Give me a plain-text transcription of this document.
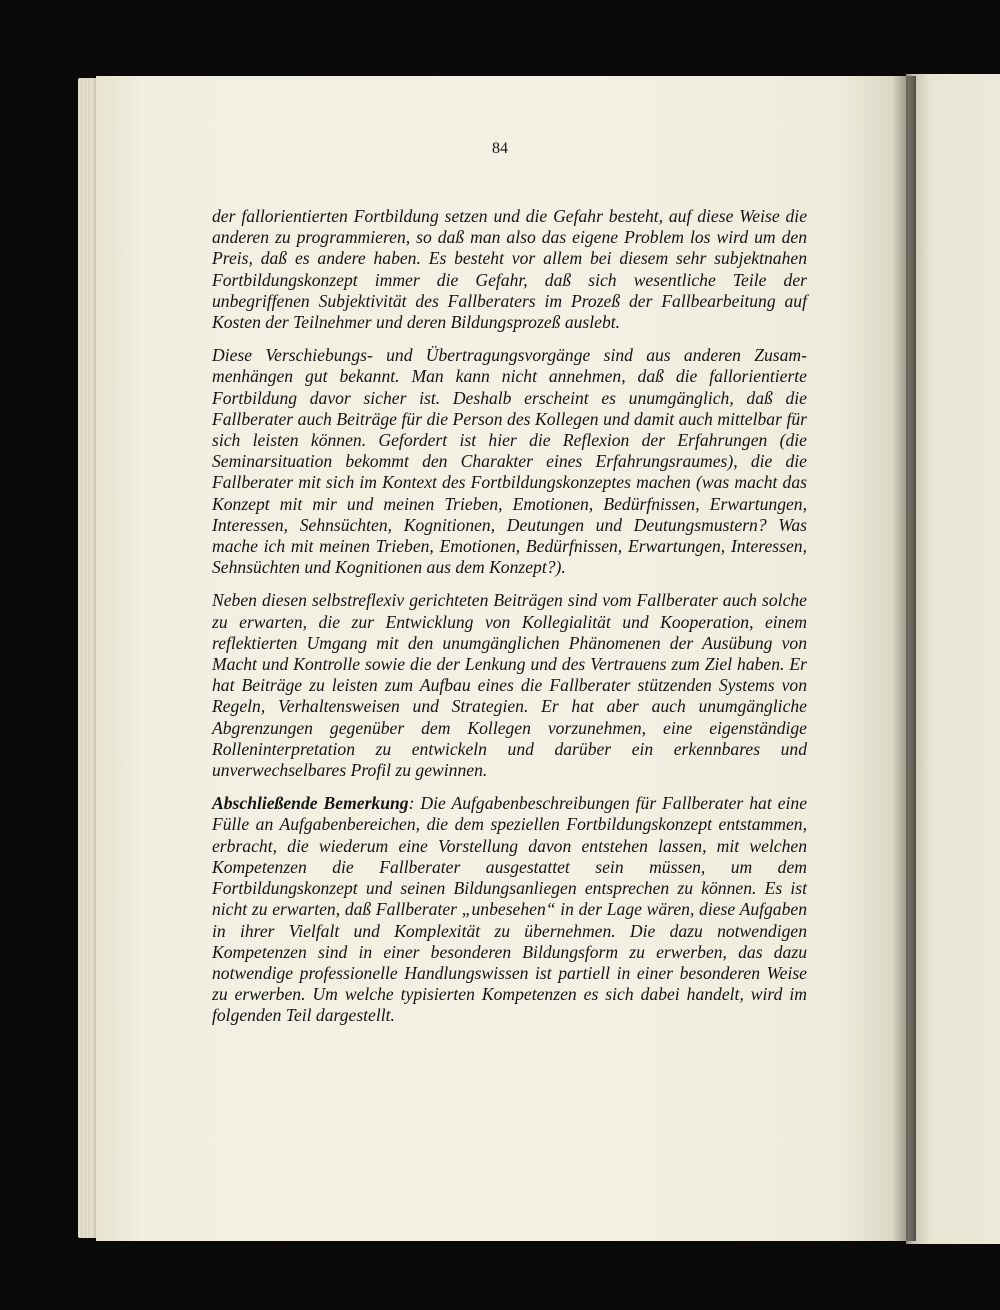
84

der fallorientierten Fortbildung setzen und die Gefahr besteht, auf diese Weise die anderen zu programmieren, so daß man also das eigene Problem los wird um den Preis, daß es andere haben. Es besteht vor allem bei diesem sehr subjektnahen Fortbildungskonzept immer die Gefahr, daß sich wesentliche Teile der unbegriffenen Subjektivität des Fallberaters im Prozeß der Fallbearbeitung auf Kosten der Teilnehmer und deren Bildungsprozeß auslebt.

Diese Verschiebungs- und Übertragungsvorgänge sind aus anderen Zusammenhängen gut bekannt. Man kann nicht annehmen, daß die fallorientierte Fortbildung davor sicher ist. Deshalb erscheint es unumgänglich, daß die Fallberater auch Beiträge für die Person des Kollegen und damit auch mittelbar für sich leisten können. Gefordert ist hier die Reflexion der Erfahrungen (die Seminarsituation bekommt den Charakter eines Erfahrungsraumes), die die Fallberater mit sich im Kontext des Fortbildungskonzeptes machen (was macht das Konzept mit mir und meinen Trieben, Emotionen, Bedürfnissen, Erwartungen, Interessen, Sehnsüchten, Kognitionen, Deutungen und Deutungsmustern? Was mache ich mit meinen Trieben, Emotionen, Bedürfnissen, Erwartungen, Interessen, Sehnsüchten und Kognitionen aus dem Konzept?).

Neben diesen selbstreflexiv gerichteten Beiträgen sind vom Fallberater auch solche zu erwarten, die zur Entwicklung von Kollegialität und Kooperation, einem reflektierten Umgang mit den unumgänglichen Phänomenen der Ausübung von Macht und Kontrolle sowie die der Lenkung und des Vertrauens zum Ziel haben. Er hat Beiträge zu leisten zum Aufbau eines die Fallberater stützenden Systems von Regeln, Verhaltensweisen und Strategien. Er hat aber auch unumgängliche Abgrenzungen gegenüber dem Kollegen vorzunehmen, eine eigenständige Rolleninterpretation zu entwickeln und darüber ein erkennbares und unverwechselbares Profil zu gewinnen.

Abschließende Bemerkung: Die Aufgabenbeschreibungen für Fallberater hat eine Fülle an Aufgabenbereichen, die dem speziellen Fortbildungskonzept entstammen, erbracht, die wiederum eine Vorstellung davon entstehen lassen, mit welchen Kompetenzen die Fallberater ausgestattet sein müssen, um dem Fortbildungskonzept und seinen Bildungsanliegen entsprechen zu können. Es ist nicht zu erwarten, daß Fallberater „unbesehen“ in der Lage wären, diese Aufgaben in ihrer Vielfalt und Komplexität zu übernehmen. Die dazu notwendigen Kompetenzen sind in einer besonderen Bildungsform zu erwerben, das dazu notwendige professionelle Handlungswissen ist partiell in einer besonderen Weise zu erwerben. Um welche typisierten Kompetenzen es sich dabei handelt, wird im folgenden Teil dargestellt.
